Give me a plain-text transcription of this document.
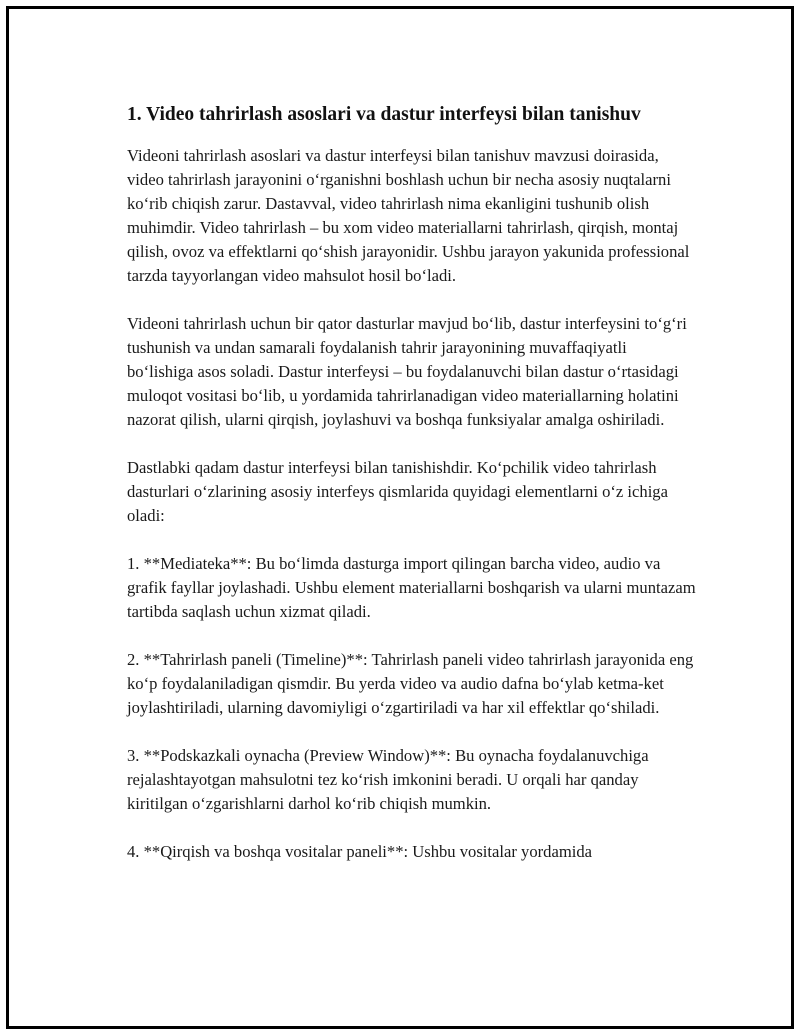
1. Video tahrirlash asoslari va dastur interfeysi bilan tanishuv

Videoni tahrirlash asoslari va dastur interfeysi bilan tanishuv mavzusi doirasida, video tahrirlash jarayonini o‘rganishni boshlash uchun bir necha asosiy nuqtalarni ko‘rib chiqish zarur. Dastavval, video tahrirlash nima ekanligini tushunib olish muhimdir. Video tahrirlash – bu xom video materiallarni tahrirlash, qirqish, montaj qilish, ovoz va effektlarni qo‘shish jarayonidir. Ushbu jarayon yakunida professional tarzda tayyorlangan video mahsulot hosil bo‘ladi.

Videoni tahrirlash uchun bir qator dasturlar mavjud bo‘lib, dastur interfeysini to‘g‘ri tushunish va undan samarali foydalanish tahrir jarayonining muvaffaqiyatli bo‘lishiga asos soladi. Dastur interfeysi – bu foydalanuvchi bilan dastur o‘rtasidagi muloqot vositasi bo‘lib, u yordamida tahrirlanadigan video materiallarning holatini nazorat qilish, ularni qirqish, joylashuvi va boshqa funksiyalar amalga oshiriladi.

Dastlabki qadam dastur interfeysi bilan tanishishdir. Ko‘pchilik video tahrirlash dasturlari o‘zlarining asosiy interfeys qismlarida quyidagi elementlarni o‘z ichiga oladi:

1. **Mediateka**: Bu bo‘limda dasturga import qilingan barcha video, audio va grafik fayllar joylashadi. Ushbu element materiallarni boshqarish va ularni muntazam tartibda saqlash uchun xizmat qiladi.

2. **Tahrirlash paneli (Timeline)**: Tahrirlash paneli video tahrirlash jarayonida eng ko‘p foydalaniladigan qismdir. Bu yerda video va audio dafna bo‘ylab ketma-ket joylashtiriladi, ularning davomiyligi o‘zgartiriladi va har xil effektlar qo‘shiladi.

3. **Podskazkali oynacha (Preview Window)**: Bu oynacha foydalanuvchiga rejalashtayotgan mahsulotni tez ko‘rish imkonini beradi. U orqali har qanday kiritilgan o‘zgarishlarni darhol ko‘rib chiqish mumkin.

4. **Qirqish va boshqa vositalar paneli**: Ushbu vositalar yordamida
